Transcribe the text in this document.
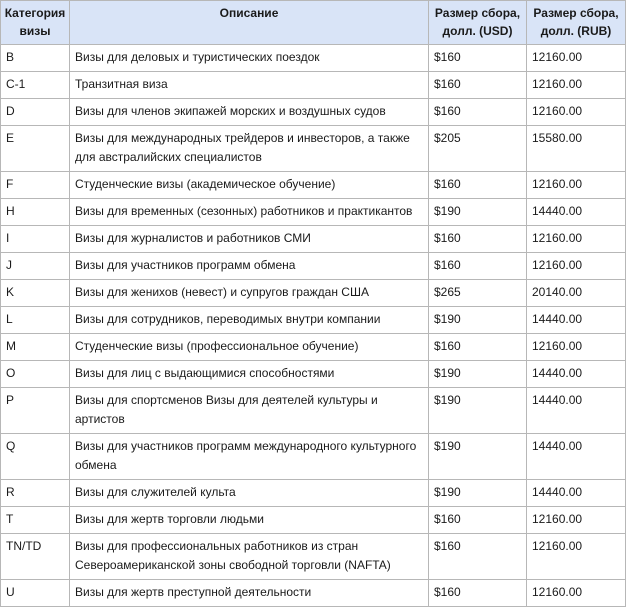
Категория визы	Описание	Размер сбора, долл. (USD)	Размер сбора, долл. (RUB)
B	Визы для деловых и туристических поездок	$160	12160.00
C-1	Транзитная виза	$160	12160.00
D	Визы для членов экипажей морских и воздушных судов	$160	12160.00
E	Визы для международных трейдеров и инвесторов, а также для австралийских специалистов	$205	15580.00
F	Студенческие визы (академическое обучение)	$160	12160.00
H	Визы для временных (сезонных) работников и практикантов	$190	14440.00
I	Визы для журналистов и работников СМИ	$160	12160.00
J	Визы для участников программ обмена	$160	12160.00
K	Визы для женихов (невест) и супругов граждан США	$265	20140.00
L	Визы для сотрудников, переводимых внутри компании	$190	14440.00
M	Студенческие визы (профессиональное обучение)	$160	12160.00
O	Визы для лиц с выдающимися способностями	$190	14440.00
P	Визы для спортсменов Визы для деятелей культуры и артистов	$190	14440.00
Q	Визы для участников программ международного культурного обмена	$190	14440.00
R	Визы для служителей культа	$190	14440.00
T	Визы для жертв торговли людьми	$160	12160.00
TN/TD	Визы для профессиональных работников из стран Североамериканской зоны свободной торговли (NAFTA)	$160	12160.00
U	Визы для жертв преступной деятельности	$160	12160.00
